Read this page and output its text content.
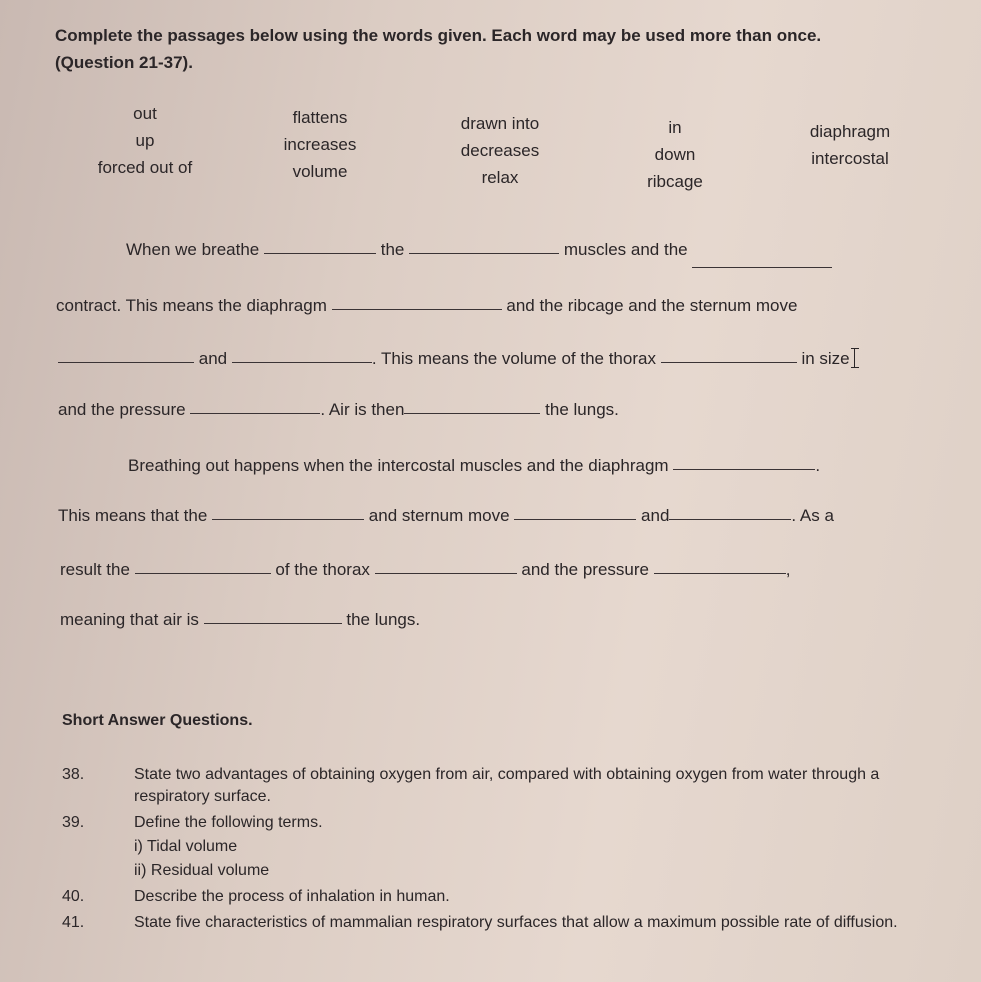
Complete the passages below using the words given. Each word may be used more than once.
(Question 21-37).
out
up
forced out of
flattens
increases
volume
drawn into
decreases
relax
in
down
ribcage
diaphragm
intercostal
When we breathe	the	muscles and the
contract. This means the diaphragm	and the ribcage and the sternum move
and	. This means the volume of the thorax	in size
and the pressure	. Air is then	the lungs.
Breathing out happens when the intercostal muscles and the diaphragm	.
This means that the	and sternum move	and	. As a
result the	of the thorax	and the pressure	,
meaning that air is	the lungs.
Short Answer Questions.
38.	State two advantages of obtaining oxygen from air, compared with obtaining oxygen from water through a respiratory surface.
39.	Define the following terms.
i) Tidal volume
ii) Residual volume
40.	Describe the process of inhalation in human.
41.	State five characteristics of mammalian respiratory surfaces that allow a maximum possible rate of diffusion.
